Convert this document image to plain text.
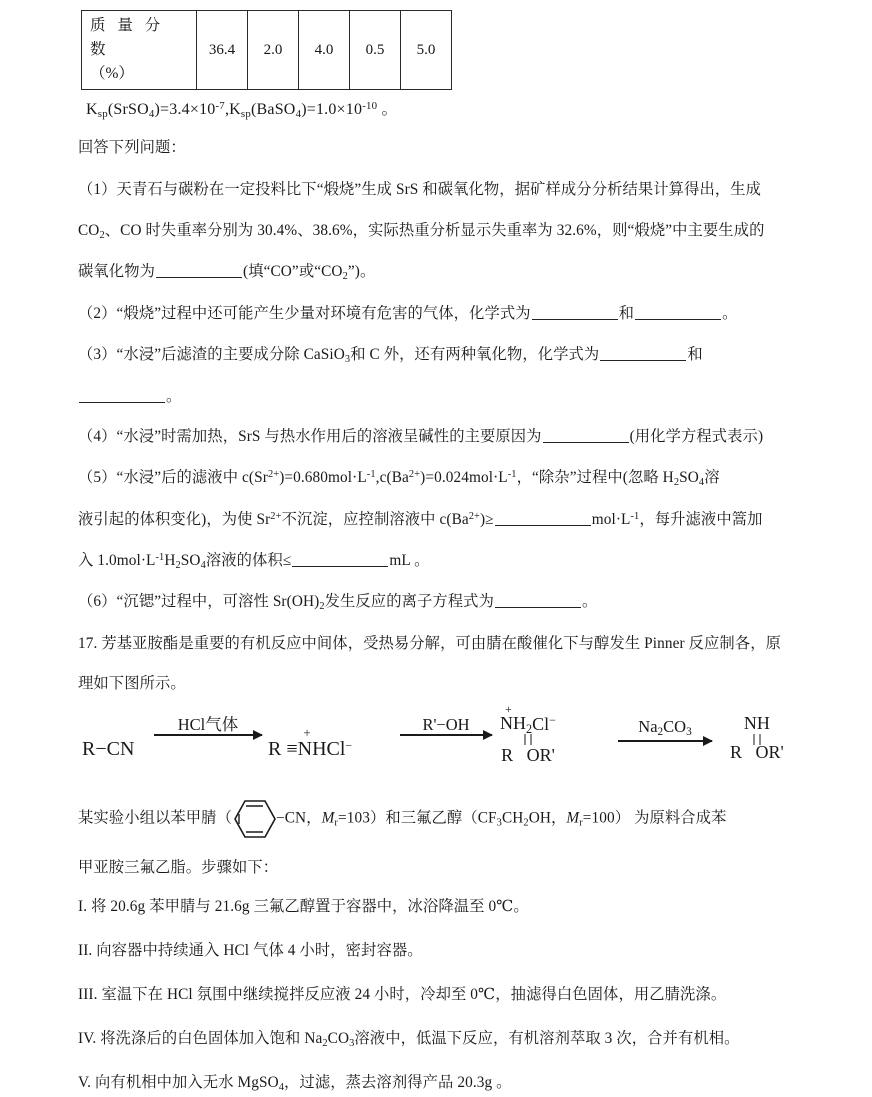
质 量 分 数
（%）
	36.4	2.0	4.0	0.5	5.0
$K_{sp}(SrSO_4)=3.4\times 10^{-7},K_{sp}(BaSO_4)=1.0\times 10^{-10}$ 。
回答下列问题：
（1）天青石与碳粉在一定投料比下“煅烧”生成 SrS 和碳氧化物，据矿样成分分析结果计算得出，生成
$CO_2$、CO 时失重率分别为 30.4%、38.6%，实际热重分析显示失重率为 32.6%，则“煅烧”中主要生成的
碳氧化物为	(填“CO”或“$CO_2$”)。
（2）“煅烧”过程中还可能产生少量对环境有危害的气体，化学式为	和	。
（3）“水浸”后滤渣的主要成分除 CaSiO$_3$和 C 外，还有两种氧化物，化学式为	和
。
（4）“水浸”时需加热，SrS 与热水作用后的溶液呈碱性的主要原因为	(用化学方程式表示)
（5）“水浸”后的滤液中 $c(Sr^{2+})=0.680mol\cdot L^{-1},c(Ba^{2+})=0.024mol\cdot L^{-1}$，“除杂”过程中(忽略 $H_2SO_4$溶
液引起的体积变化)，为使 $Sr^{2+}$不沉淀，应控制溶液中 $c(Ba^{2+})\ge$	$mol\cdot L^{-1}$，每升滤液中篙加
入 $1.0mol\cdot L^{-1}H_2SO_4$溶液的体积≤	mL 。
（6）“沉锶”过程中，可溶性 $Sr(OH)_2$发生反应的离子方程式为	。
17. 芳基亚胺酯是重要的有机反应中间体，受热易分解，可由腈在酸催化下与醇发生 Pinner 反应制各，原
理如下图所示。
R−CN
HCl气体
R ≡
+
NHCl−
R'−OH
+
$NH_2Cl^-$
R OR'
$Na_2CO_3$	NH
R OR'
某实验小组以苯甲腈（	−CN，$M_r=103$）和三氟乙醇（$CF_3CH_2OH$，$M_r=100$） 为原料合成苯
甲亚胺三氟乙脂。步骤如下：
I. 将 20.6g 苯甲腈与 21.6g 三氟乙醇置于容器中，冰浴降温至 0℃。
II. 向容器中持续通入 HCl 气体 4 小时，密封容器。
III. 室温下在 HCl 氛围中继续搅拌反应液 24 小时，冷却至 0℃，抽滤得白色固体，用乙腈洗涤。
IV. 将洗涤后的白色固体加入饱和 $Na_2CO_3$溶液中，低温下反应，有机溶剂萃取 3 次，合并有机相。
V. 向有机相中加入无水 MgSO$_4$，过滤，蒸去溶剂得产品 20.3g 。
